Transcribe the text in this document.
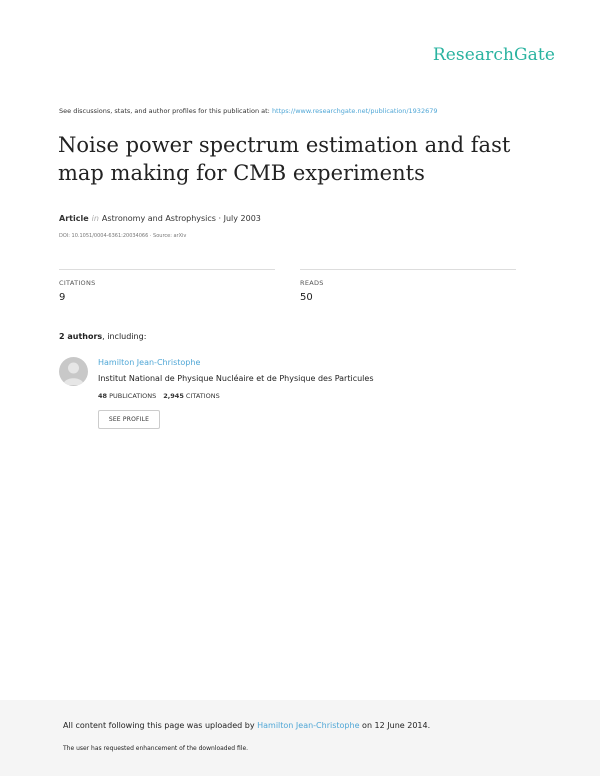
ResearchGate
See discussions, stats, and author profiles for this publication at: https://www.researchgate.net/publication/1932679
Noise power spectrum estimation and fast map making for CMB experiments
Article in Astronomy and Astrophysics · July 2003
DOI: 10.1051/0004-6361:20034066 · Source: arXiv
CITATIONS
9
READS
50
2 authors, including:
Hamilton Jean-Christophe
Institut National de Physique Nucléaire et de Physique des Particules
48 PUBLICATIONS 2,945 CITATIONS
SEE PROFILE
All content following this page was uploaded by Hamilton Jean-Christophe on 12 June 2014.
The user has requested enhancement of the downloaded file.
